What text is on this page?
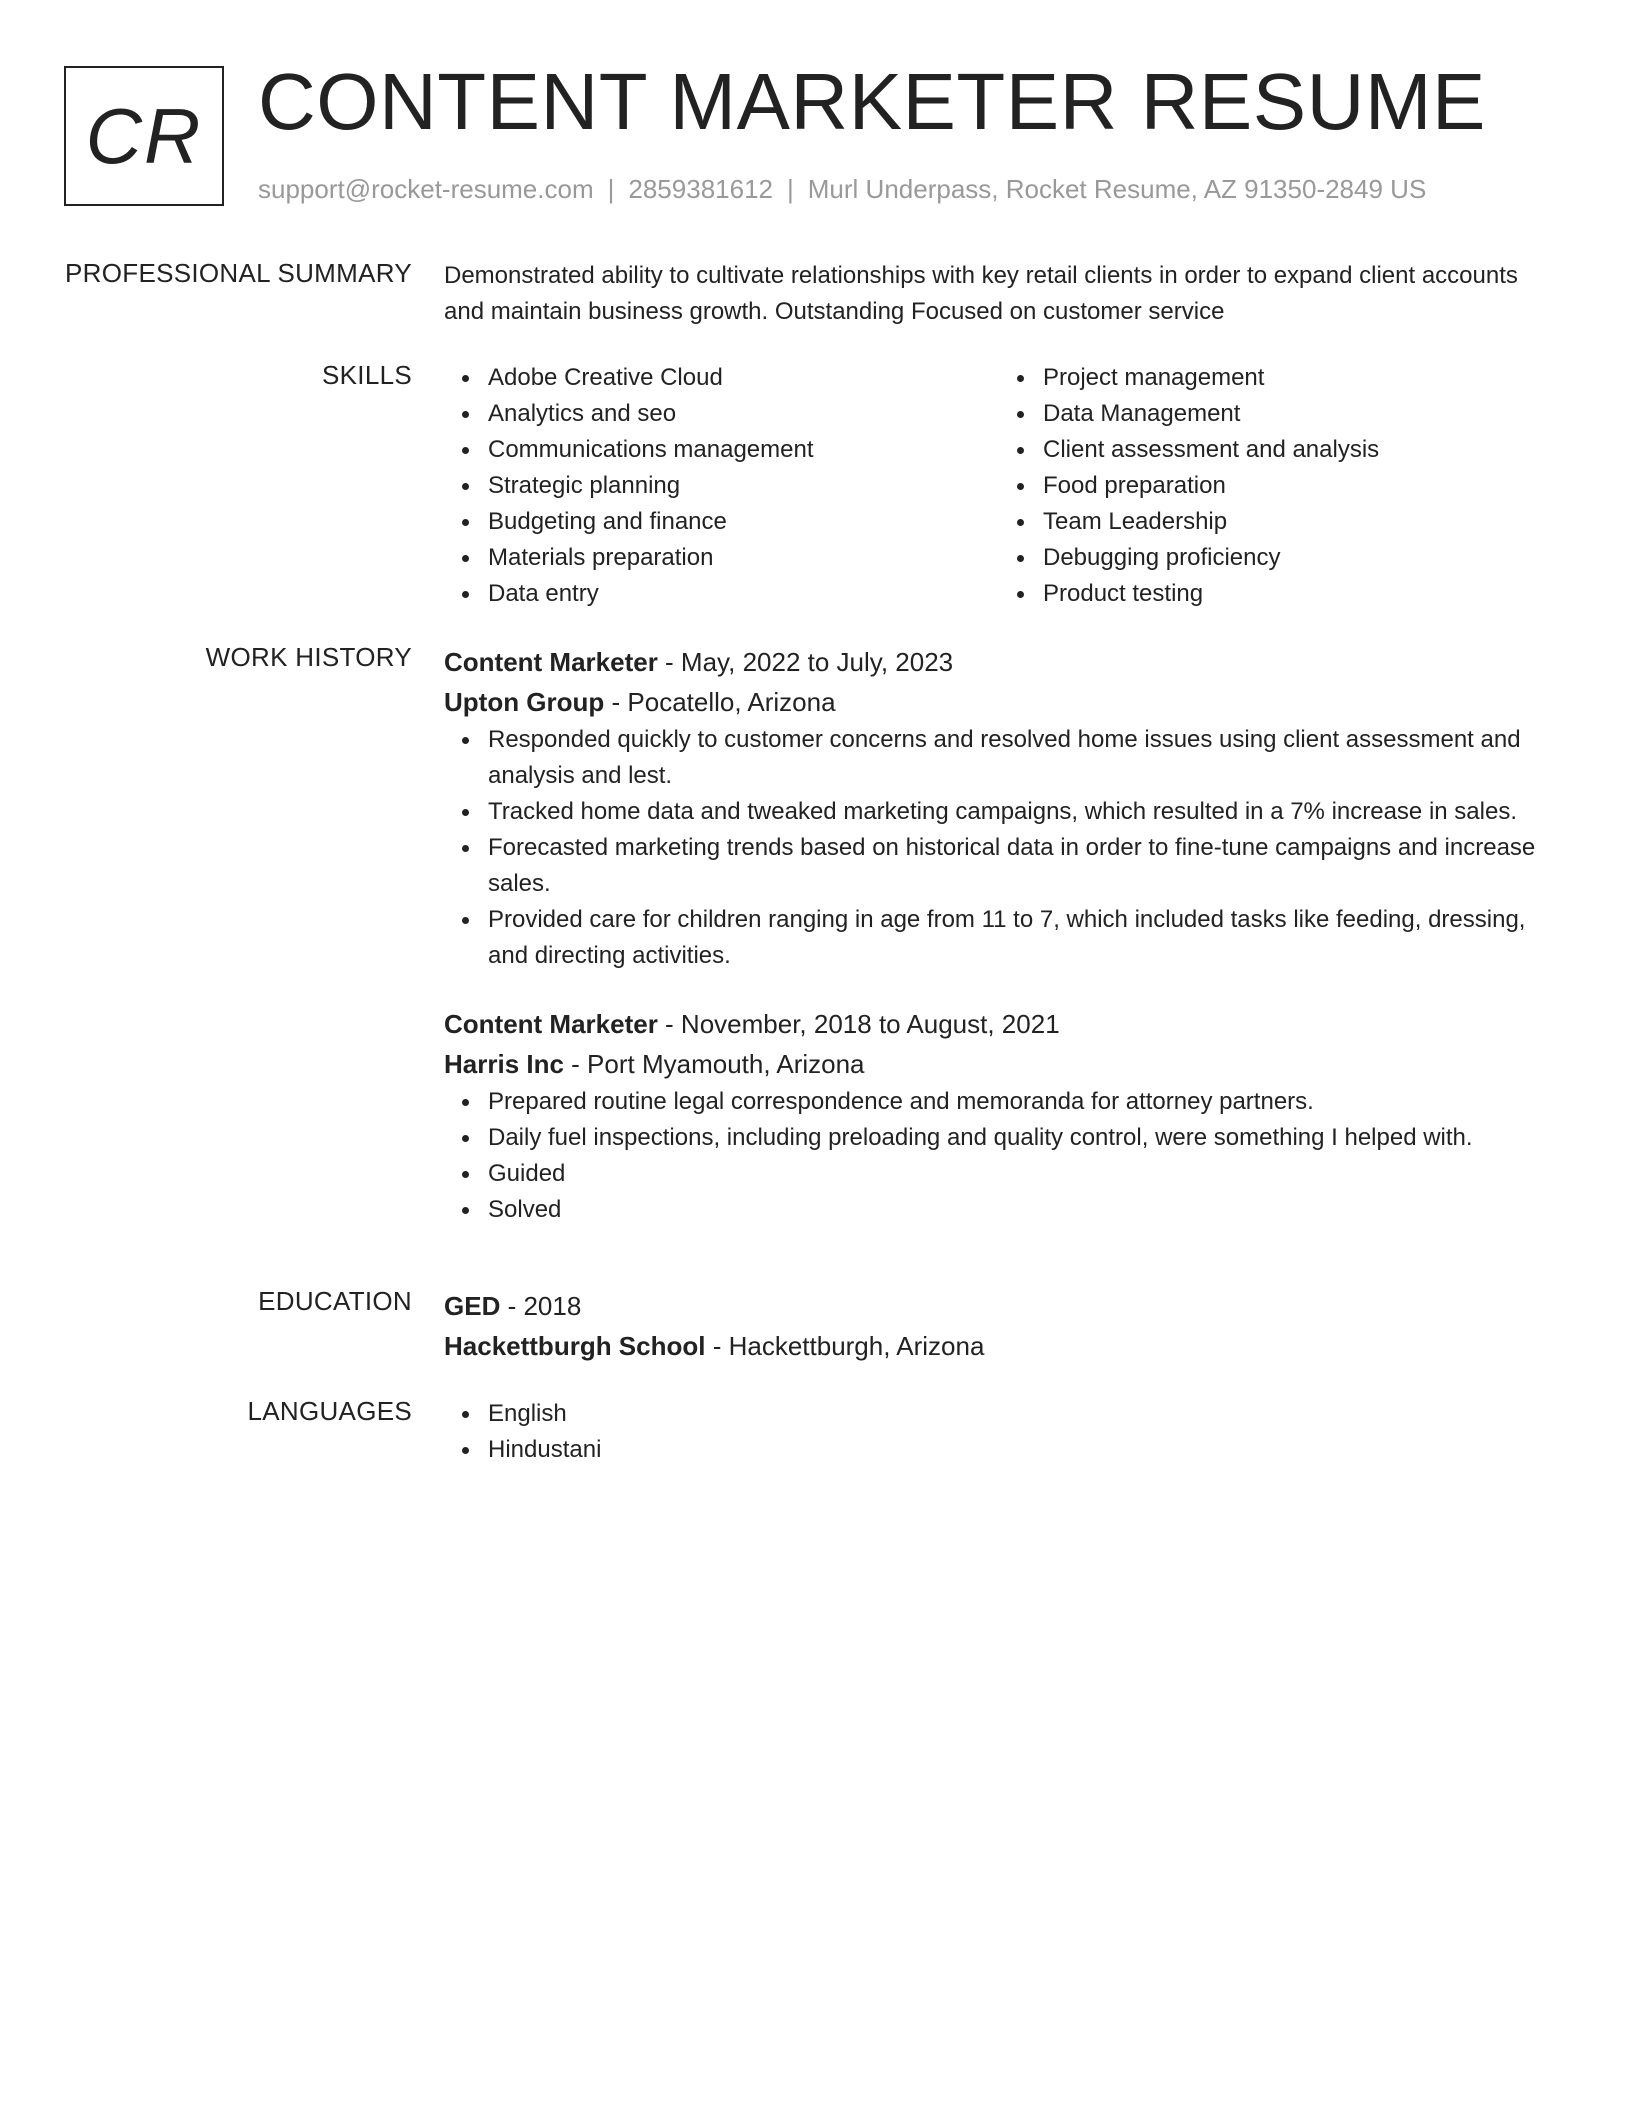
CR CONTENT MARKETER RESUME
support@rocket-resume.com | 2859381612 | Murl Underpass, Rocket Resume, AZ 91350-2849 US
PROFESSIONAL SUMMARY Demonstrated ability to cultivate relationships with key retail clients in order to expand client accounts and maintain business growth. Outstanding Focused on customer service
SKILLS	Adobe Creative Cloud
Analytics and seo
Communications management
Strategic planning
Budgeting and finance
Materials preparation
Data entry
Project management
Data Management
Client assessment and analysis
Food preparation
Team Leadership
Debugging proficiency
Product testing
WORK HISTORY Content Marketer - May, 2022 to July, 2023
Upton Group - Pocatello, Arizona
Responded quickly to customer concerns and resolved home issues using client assessment and analysis and lest.
Tracked home data and tweaked marketing campaigns, which resulted in a 7% increase in sales.
Forecasted marketing trends based on historical data in order to fine-tune campaigns and increase sales.
Provided care for children ranging in age from 11 to 7, which included tasks like feeding, dressing, and directing activities.
Content Marketer - November, 2018 to August, 2021
Harris Inc - Port Myamouth, Arizona
Prepared routine legal correspondence and memoranda for attorney partners.
Daily fuel inspections, including preloading and quality control, were something I helped with.
Guided
Solved
EDUCATION GED - 2018
Hackettburgh School - Hackettburgh, Arizona
LANGUAGES	English
Hindustani
